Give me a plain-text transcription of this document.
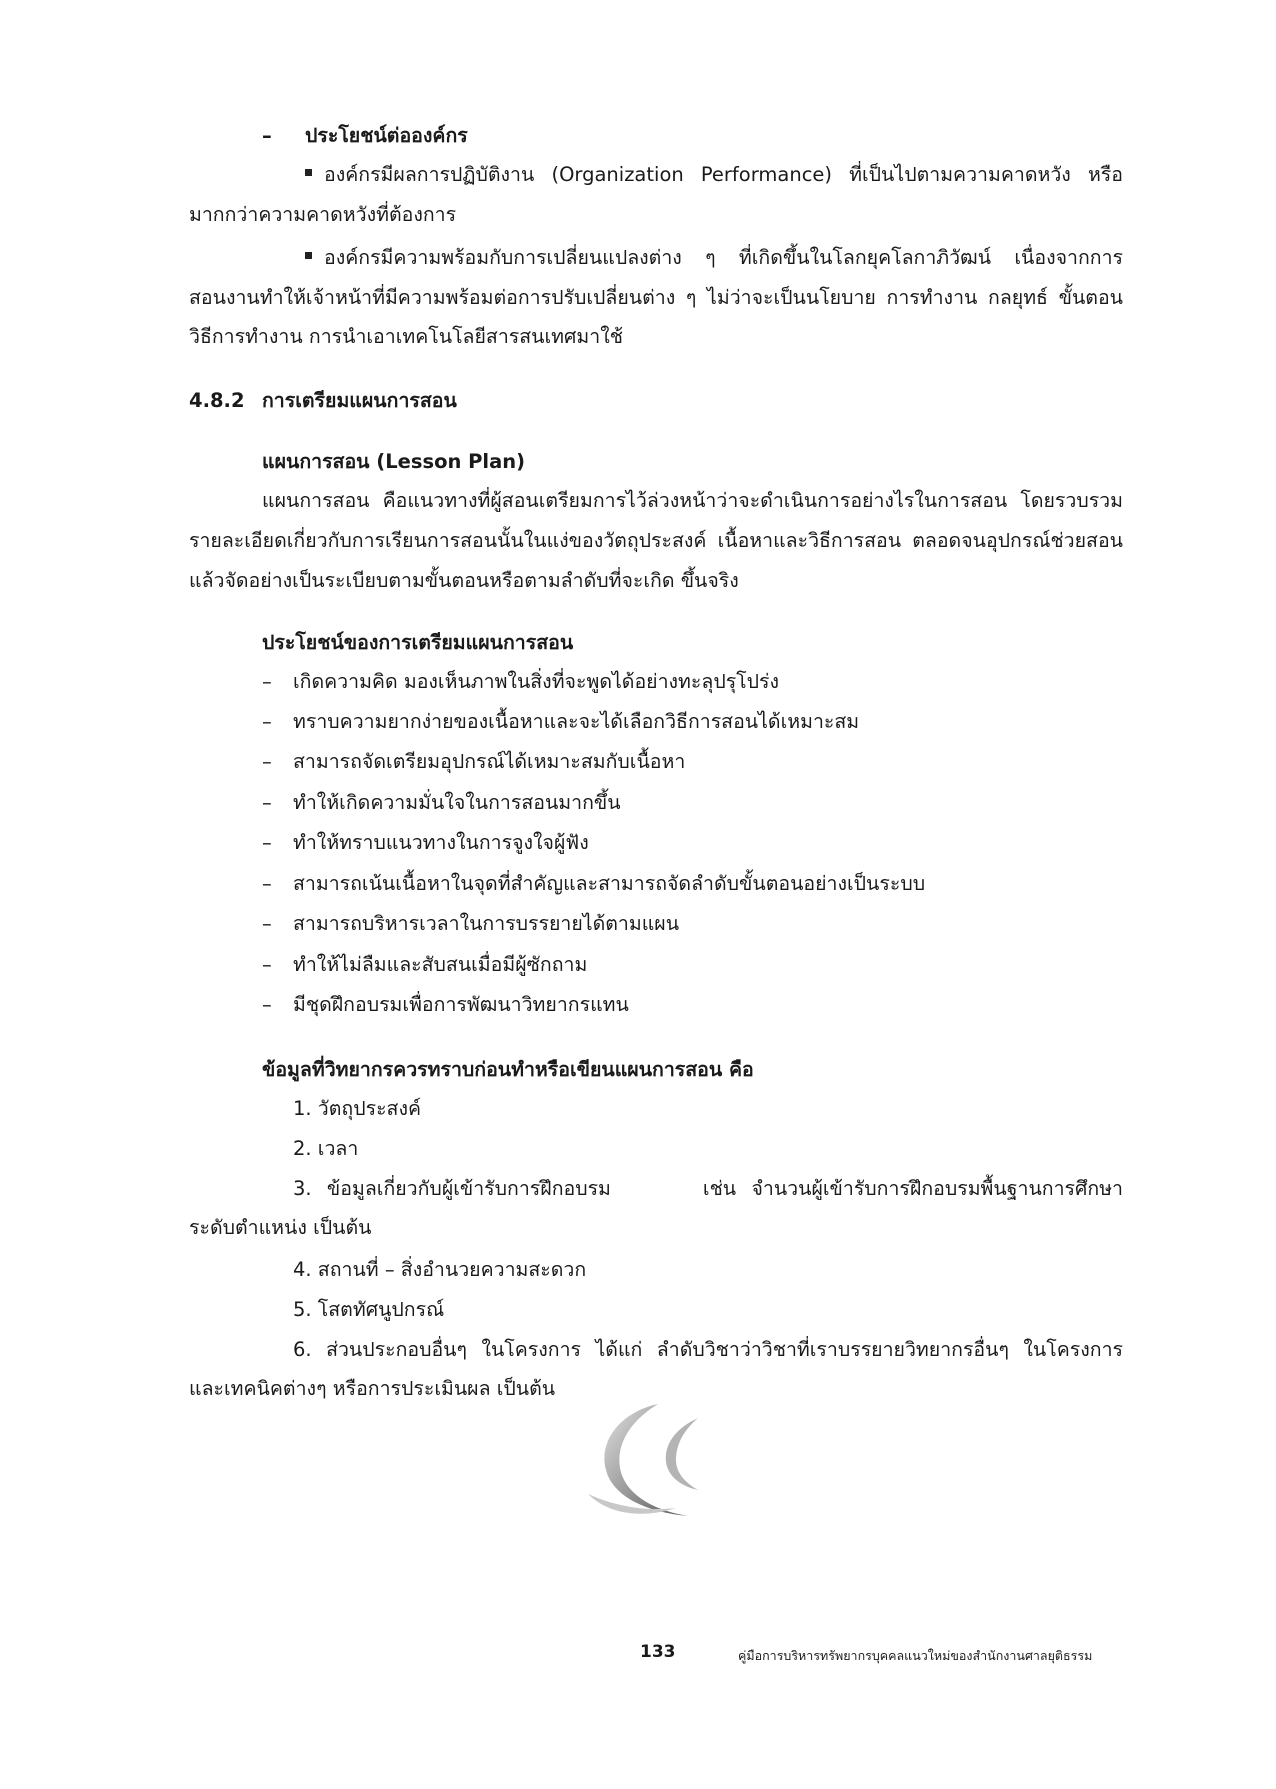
– ประโยชน์ต่อองค์กร
องค์กรมีผลการปฏิบัติงาน (Organization Performance) ที่เป็นไปตามความคาดหวัง หรือ
มากกว่าความคาดหวังที่ต้องการ
องค์กรมีความพร้อมกับการเปลี่ยนแปลงต่าง ๆ ที่เกิดขึ้นในโลกยุคโลกาภิวัฒน์ เนื่องจากการ
สอนงานทำให้เจ้าหน้าที่มีความพร้อมต่อการปรับเปลี่ยนต่าง ๆ ไม่ว่าจะเป็นนโยบาย การทำงาน กลยุทธ์ ขั้นตอน
วิธีการทำงาน การนำเอาเทคโนโลยีสารสนเทศมาใช้
4.8.2 การเตรียมแผนการสอน
แผนการสอน (Lesson Plan)
แผนการสอน คือแนวทางที่ผู้สอนเตรียมการไว้ล่วงหน้าว่าจะดำเนินการอย่างไรในการสอน โดยรวบรวม
รายละเอียดเกี่ยวกับการเรียนการสอนนั้นในแง่ของวัตถุประสงค์ เนื้อหาและวิธีการสอน ตลอดจนอุปกรณ์ช่วยสอน
แล้วจัดอย่างเป็นระเบียบตามขั้นตอนหรือตามลำดับที่จะเกิด ขึ้นจริง
ประโยชน์ของการเตรียมแผนการสอน
– เกิดความคิด มองเห็นภาพในสิ่งที่จะพูดได้อย่างทะลุปรุโปร่ง
– ทราบความยากง่ายของเนื้อหาและจะได้เลือกวิธีการสอนได้เหมาะสม
– สามารถจัดเตรียมอุปกรณ์ได้เหมาะสมกับเนื้อหา
– ทำให้เกิดความมั่นใจในการสอนมากขึ้น
– ทำให้ทราบแนวทางในการจูงใจผู้ฟัง
– สามารถเน้นเนื้อหาในจุดที่สำคัญและสามารถจัดลำดับขั้นตอนอย่างเป็นระบบ
– สามารถบริหารเวลาในการบรรยายได้ตามแผน
– ทำให้ไม่ลืมและสับสนเมื่อมีผู้ซักถาม
– มีชุดฝึกอบรมเพื่อการพัฒนาวิทยากรแทน
ข้อมูลที่วิทยากรควรทราบก่อนทำหรือเขียนแผนการสอน คือ
1. วัตถุประสงค์
2. เวลา
3. ข้อมูลเกี่ยวกับผู้เข้ารับการฝึกอบรม      เช่น จำนวนผู้เข้ารับการฝึกอบรมพื้นฐานการศึกษา
ระดับตำแหน่ง เป็นต้น
4. สถานที่ – สิ่งอำนวยความสะดวก
5. โสตทัศนูปกรณ์
6. ส่วนประกอบอื่นๆ ในโครงการ ได้แก่ ลำดับวิชาว่าวิชาที่เราบรรยายวิทยากรอื่นๆ ในโครงการ
และเทคนิคต่างๆ หรือการประเมินผล เป็นต้น
133	คู่มือการบริหารทรัพยากรบุคคลแนวใหม่ของสำนักงานศาลยุติธรรม
